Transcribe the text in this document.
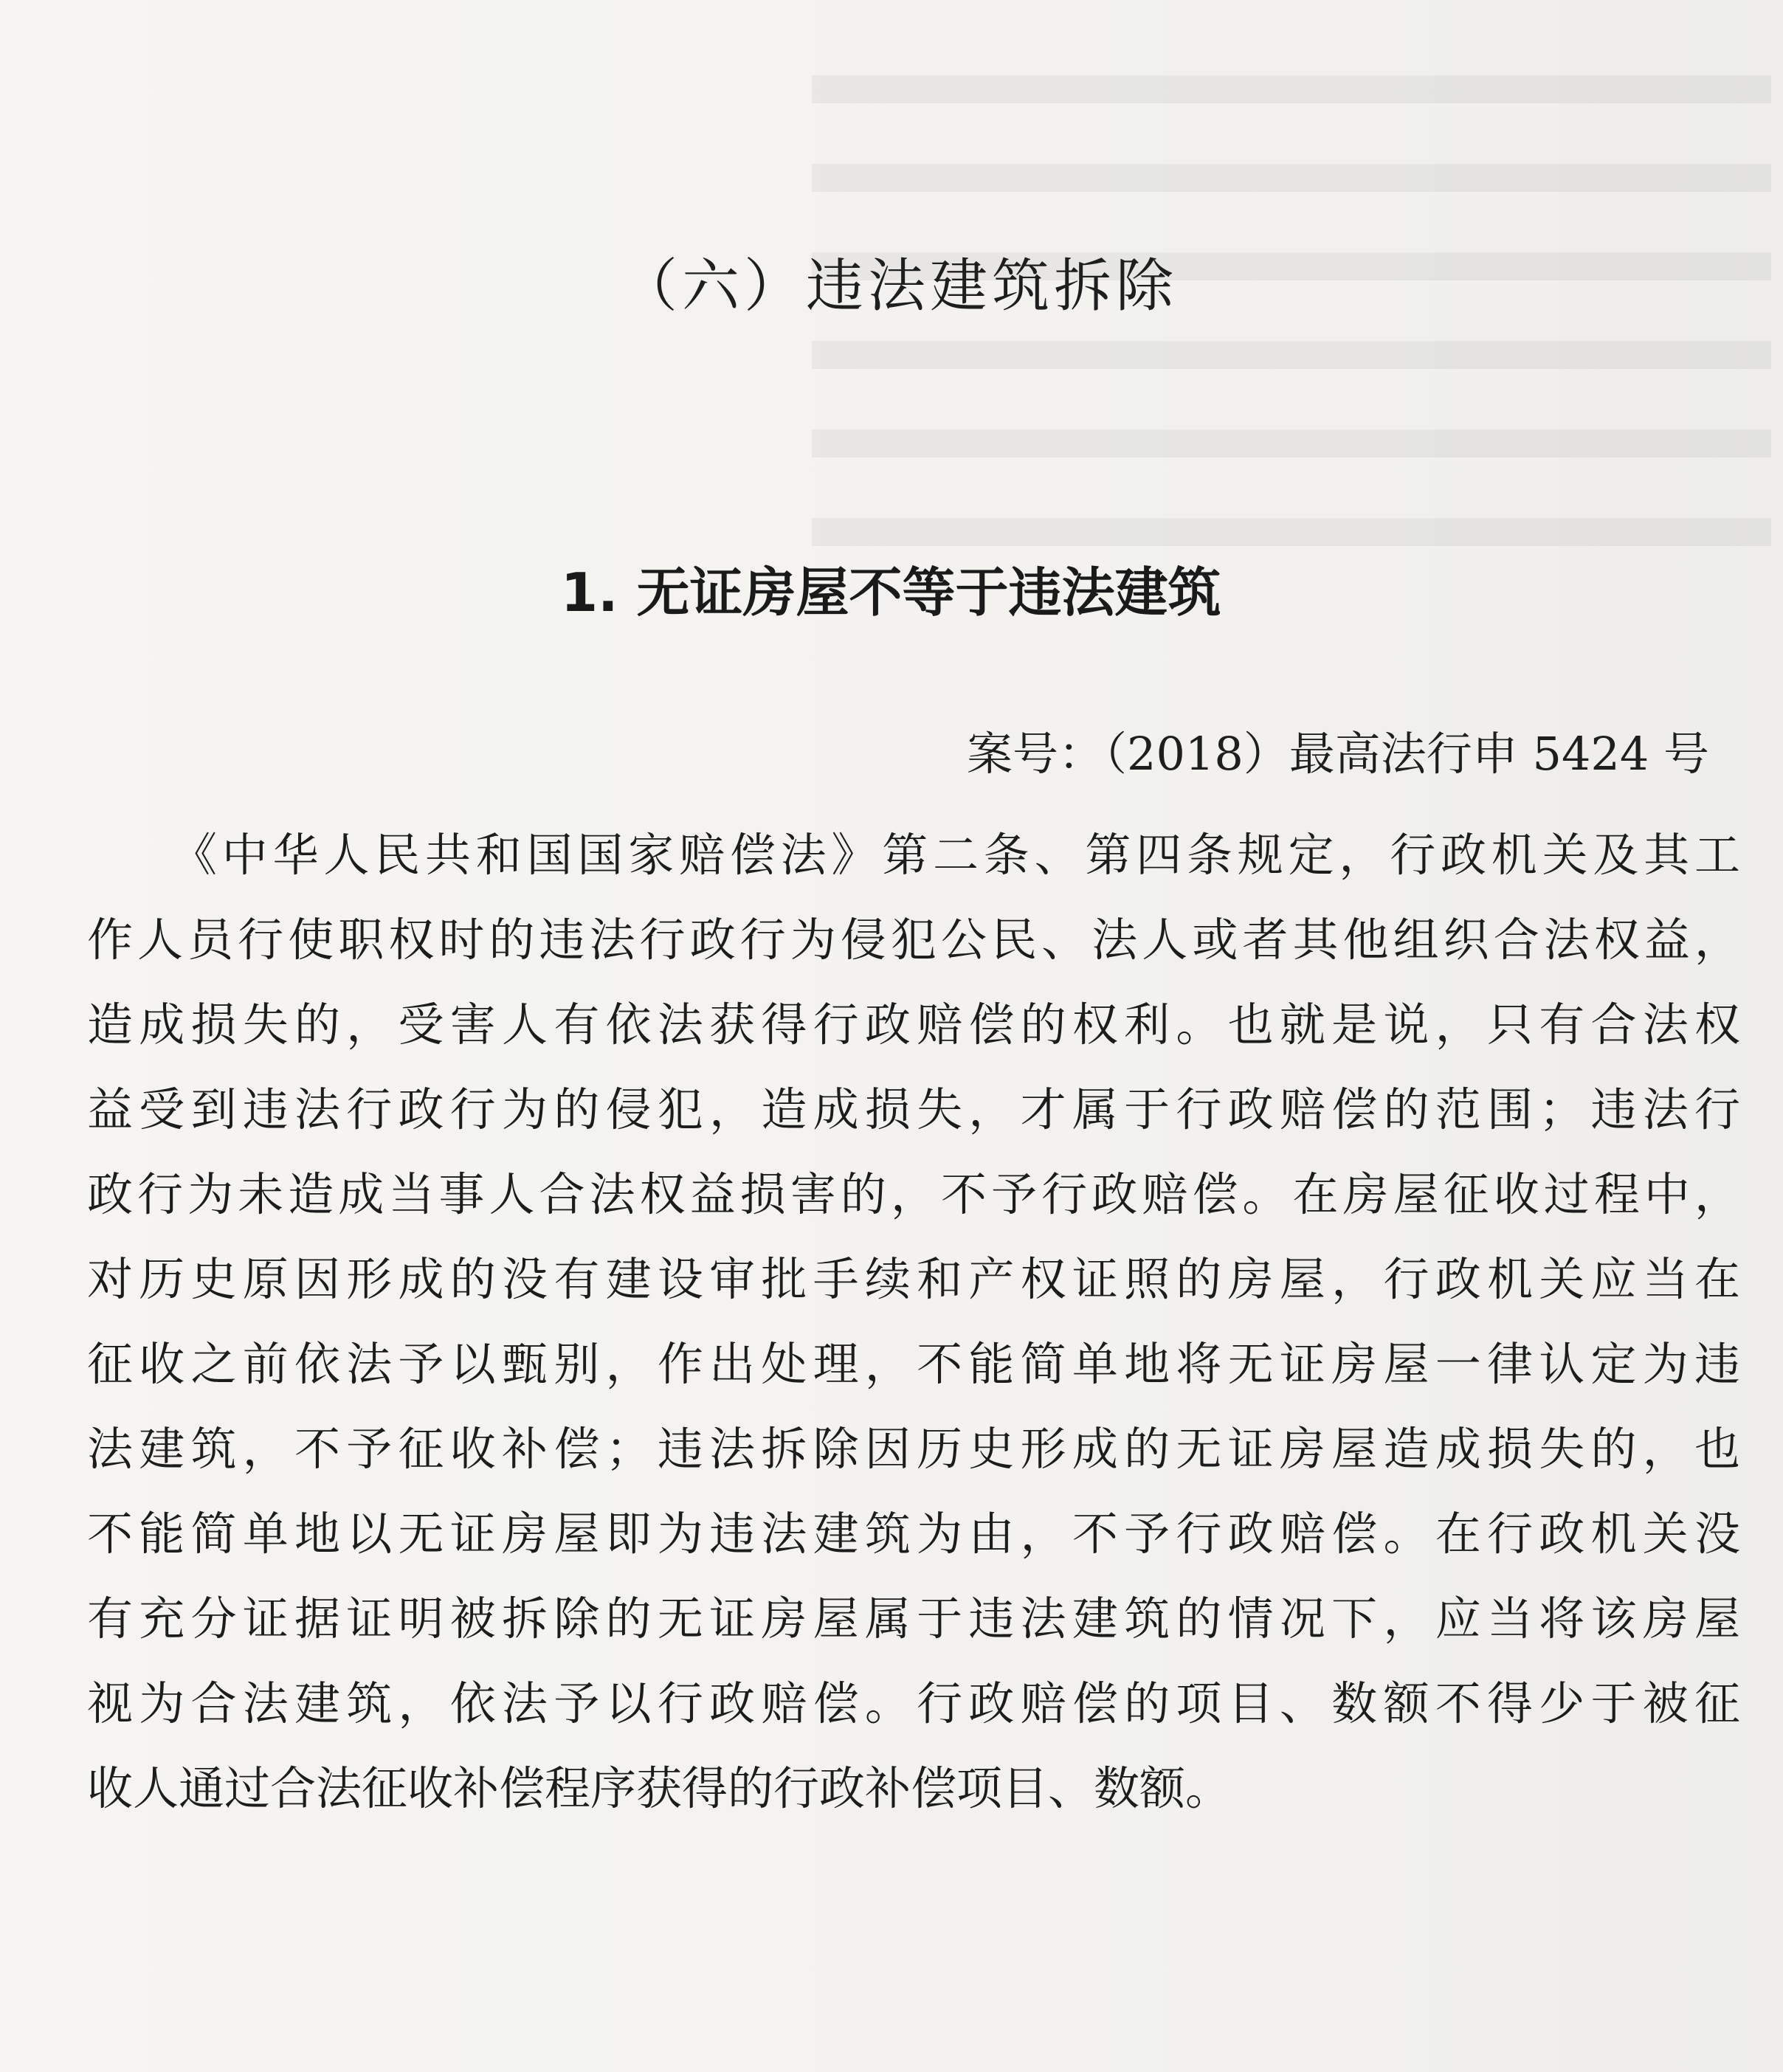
（六）违法建筑拆除
1. 无证房屋不等于违法建筑
案号：（2018）最高法行申 5424 号
《中华人民共和国国家赔偿法》第二条、第四条规定，行政机关及其工
作人员行使职权时的违法行政行为侵犯公民、法人或者其他组织合法权益，
造成损失的，受害人有依法获得行政赔偿的权利。也就是说，只有合法权
益受到违法行政行为的侵犯，造成损失，才属于行政赔偿的范围；违法行
政行为未造成当事人合法权益损害的，不予行政赔偿。在房屋征收过程中，
对历史原因形成的没有建设审批手续和产权证照的房屋，行政机关应当在
征收之前依法予以甄别，作出处理，不能简单地将无证房屋一律认定为违
法建筑，不予征收补偿；违法拆除因历史形成的无证房屋造成损失的，也
不能简单地以无证房屋即为违法建筑为由，不予行政赔偿。在行政机关没
有充分证据证明被拆除的无证房屋属于违法建筑的情况下，应当将该房屋
视为合法建筑，依法予以行政赔偿。行政赔偿的项目、数额不得少于被征
收人通过合法征收补偿程序获得的行政补偿项目、数额。
